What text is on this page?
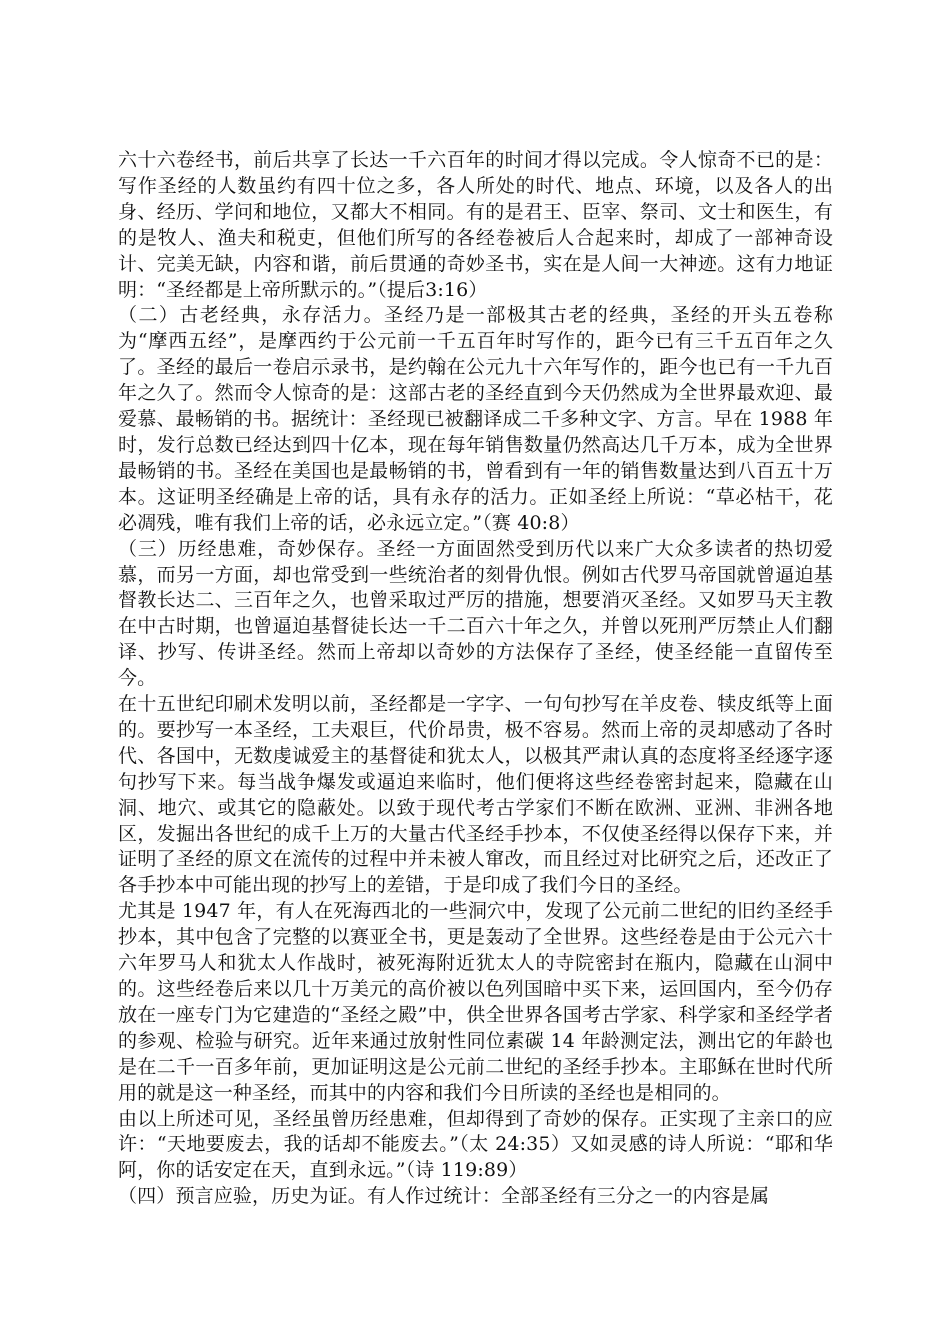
六十六卷经书，前后共享了长达一千六百年的时间才得以完成。令人惊奇不已的是：写作圣经的人数虽约有四十位之多，各人所处的时代、地点、环境，以及各人的出身、经历、学问和地位，又都大不相同。有的是君王、臣宰、祭司、文士和医生，有的是牧人、渔夫和税吏，但他们所写的各经卷被后人合起来时，却成了一部神奇设计、完美无缺，内容和谐，前后贯通的奇妙圣书，实在是人间一大神迹。这有力地证明：“圣经都是上帝所默示的。”（提后3:16）

（二）古老经典，永存活力。圣经乃是一部极其古老的经典，圣经的开头五卷称为“摩西五经”，是摩西约于公元前一千五百年时写作的，距今已有三千五百年之久了。圣经的最后一卷启示录书，是约翰在公元九十六年写作的，距今也已有一千九百年之久了。然而令人惊奇的是：这部古老的圣经直到今天仍然成为全世界最欢迎、最爱慕、最畅销的书。据统计：圣经现已被翻译成二千多种文字、方言。早在 1988 年时，发行总数已经达到四十亿本，现在每年销售数量仍然高达几千万本，成为全世界最畅销的书。圣经在美国也是最畅销的书，曾看到有一年的销售数量达到八百五十万本。这证明圣经确是上帝的话，具有永存的活力。正如圣经上所说：“草必枯干，花必凋残，唯有我们上帝的话，必永远立定。”（赛 40:8）

（三）历经患难，奇妙保存。圣经一方面固然受到历代以来广大众多读者的热切爱慕，而另一方面，却也常受到一些统治者的刻骨仇恨。例如古代罗马帝国就曾逼迫基督教长达二、三百年之久，也曾采取过严厉的措施，想要消灭圣经。又如罗马天主教在中古时期，也曾逼迫基督徒长达一千二百六十年之久，并曾以死刑严厉禁止人们翻译、抄写、传讲圣经。然而上帝却以奇妙的方法保存了圣经，使圣经能一直留传至今。

在十五世纪印刷术发明以前，圣经都是一字字、一句句抄写在羊皮卷、犊皮纸等上面的。要抄写一本圣经，工夫艰巨，代价昂贵，极不容易。然而上帝的灵却感动了各时代、各国中，无数虔诚爱主的基督徒和犹太人，以极其严肃认真的态度将圣经逐字逐句抄写下来。每当战争爆发或逼迫来临时，他们便将这些经卷密封起来，隐藏在山洞、地穴、或其它的隐蔽处。以致于现代考古学家们不断在欧洲、亚洲、非洲各地区，发掘出各世纪的成千上万的大量古代圣经手抄本，不仅使圣经得以保存下来，并证明了圣经的原文在流传的过程中并未被人窜改，而且经过对比研究之后，还改正了各手抄本中可能出现的抄写上的差错，于是印成了我们今日的圣经。

尤其是 1947 年，有人在死海西北的一些洞穴中，发现了公元前二世纪的旧约圣经手抄本，其中包含了完整的以赛亚全书，更是轰动了全世界。这些经卷是由于公元六十六年罗马人和犹太人作战时，被死海附近犹太人的寺院密封在瓶内，隐藏在山洞中的。这些经卷后来以几十万美元的高价被以色列国暗中买下来，运回国内，至今仍存放在一座专门为它建造的“圣经之殿”中，供全世界各国考古学家、科学家和圣经学者的参观、检验与研究。近年来通过放射性同位素碳 14 年龄测定法，测出它的年龄也是在二千一百多年前，更加证明这是公元前二世纪的圣经手抄本。主耶稣在世时代所用的就是这一种圣经，而其中的内容和我们今日所读的圣经也是相同的。

由以上所述可见，圣经虽曾历经患难，但却得到了奇妙的保存。正实现了主亲口的应许：“天地要废去，我的话却不能废去。”（太 24:35）又如灵感的诗人所说：“耶和华阿，你的话安定在天，直到永远。”（诗 119:89）

（四）预言应验，历史为证。有人作过统计：全部圣经有三分之一的内容是属
